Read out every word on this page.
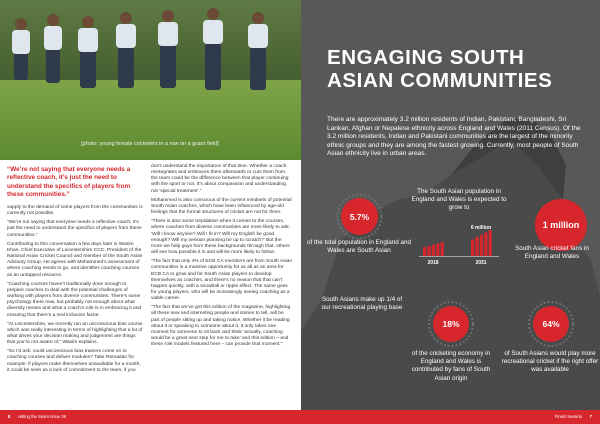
[photo: young female cricketers in a row on a grass field]
“We’re not saying that everyone needs a reflective coach, it’s just the need to understand the specifics of players from these communities.”

supply to the demand of some players from the communities is currently not possible.

“We’re not saying that everyone needs a reflective coach, it’s just the need to understand the specifics of players from these communities.”

Contributing to this conversation a few days later is Wasim Khan, Chief Executive of Leicestershire CCC, President of the National Asian Cricket Council and member of the South Asian Advisory Group. He agrees with Mohammed’s assessment of where coaching needs to go, and identifies coaching courses as an untapped resource.

“Coaching courses haven’t traditionally done enough to prepare coaches to deal with the potential challenges of working with players from diverse communities. There’s some psychology there now, but probably not enough about what diversity means and what a coach’s role is in embracing it and ensuring that there’s a real inclusion factor.

“At Leicestershire, we recently ran an unconscious bias course which was really interesting in terms of highlighting that a lot of what drives your decision making and judgement are things that you’re not aware of,” Wasim explains.

“So I’d ask: could unconscious bias trainers come on to coaching courses and deliver modules? Take Ramadan for example: if players make themselves unavailable for a month, it could be seen as a lack of commitment to the team, if you

don’t understand the importance of that time. Whether a coach reintegrates and embraces them afterwards or cuts them from the team could be the difference between that player continuing with the sport or not. It’s about compassion and understanding, not ‘special treatment’.”

Mohammed is also conscious of the current mindsets of potential South Asian coaches, which have been influenced by age-old feelings that the formal structures of cricket are not for them.

“There is also some trepidation when it comes to the courses, where coaches from diverse communities are more likely to ask: ‘Will I know anyone? Will I fit in? Will my English be good enough? Will my session planning be up to scratch?’ But the more we help guys from these backgrounds through that, others will see how possible it is and will be more likely to follow.

“The fact that only 4% of ECB CA members are from South Asian communities is a massive opportunity for us all as an area for ECB CA to grow and for South Asian players to develop themselves as coaches, and there’s no reason that that can’t happen quickly, with a snowball or ripple effect. The same goes for young players, who will be increasingly seeing coaching as a viable career.

“The fact that we’ve got this edition of the magazine, highlighting all these new and interesting people and stories to tell, will be part of people sitting up and taking notice. Whether it be reading about it or speaking to someone about it, it only takes one moment for someone to sit back and think ‘actually, coaching would be a great next step for me to take’ and this edition – and these role models featured here – can provide that moment.”

8 Hitting the Seam Issue 39
ENGAGING SOUTH ASIAN COMMUNITIES
There are approximately 3.2 million residents of Indian, Pakistani, Bangladeshi, Sri Lankan, Afghan or Nepalese ethnicity across England and Wales (2011 Census). Of the 3.2 million residents, Indian and Pakistani communities are the largest of the minority ethnic groups and they are among the fastest growing. Currently, most people of South Asian ethnicity live in urban areas.
5.7%
of the total population in England and Wales are South Asian
The South Asian population in England and Wales is expected to grow to
2018	2031
6 million	1 million
South Asian cricket fans in England and Wales
South Asians make up 1/4 of our recreational playing base
18%
of the cricketing economy in England and Wales is contributed by fans of South Asian origin
64%
of South Asians would play more recreational cricket if the right offer was available
Finish Session 7
